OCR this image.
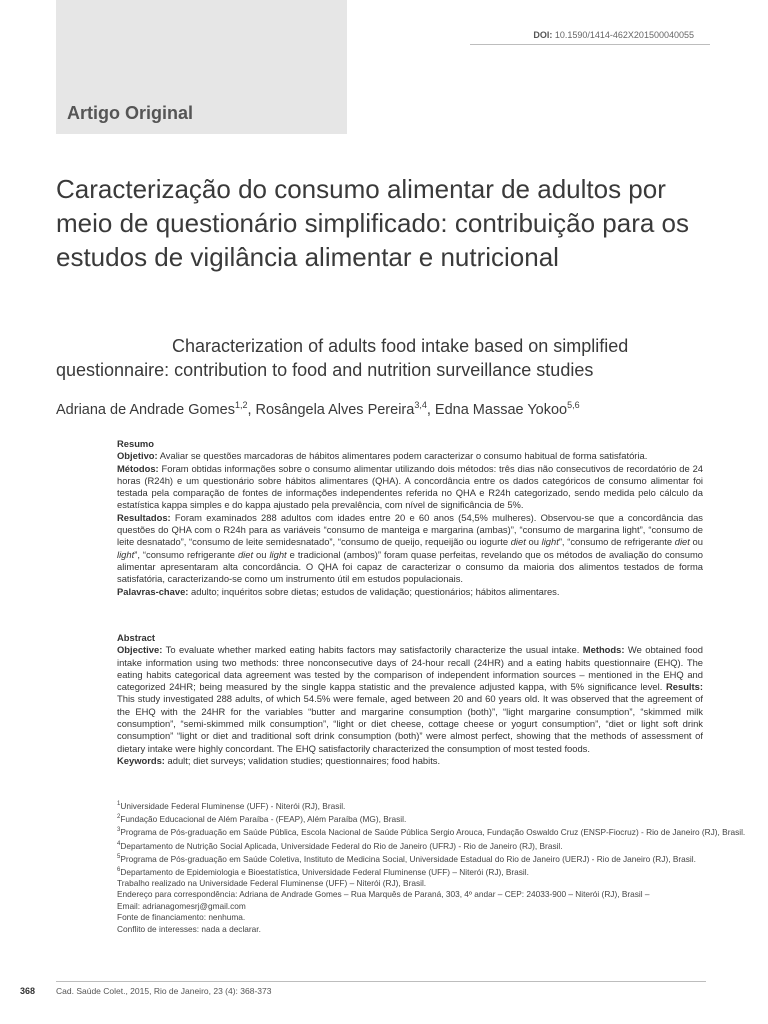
Artigo Original
DOI: 10.1590/1414-462X201500040055
Caracterização do consumo alimentar de adultos por meio de questionário simplificado: contribuição para os estudos de vigilância alimentar e nutricional
Characterization of adults food intake based on simplified questionnaire: contribution to food and nutrition surveillance studies
Adriana de Andrade Gomes$^{1,2}$, Rosângela Alves Pereira$^{3,4}$, Edna Massae Yokoo$^{5,6}$
Resumo
Objetivo: Avaliar se questões marcadoras de hábitos alimentares podem caracterizar o consumo habitual de forma satisfatória.
Métodos: Foram obtidas informações sobre o consumo alimentar utilizando dois métodos: três dias não consecutivos de recordatório de 24 horas (R24h) e um questionário sobre hábitos alimentares (QHA). A concordância entre os dados categóricos de consumo alimentar foi testada pela comparação de fontes de informações independentes referida no QHA e R24h categorizado, sendo medida pelo cálculo da estatística kappa simples e do kappa ajustado pela prevalência, com nível de significância de 5%.
Resultados: Foram examinados 288 adultos com idades entre 20 e 60 anos (54,5% mulheres). Observou-se que a concordância das questões do QHA com o R24h para as variáveis “consumo de manteiga e margarina (ambas)”, “consumo de margarina light”, “consumo de leite desnatado”, “consumo de leite semidesnatado”, “consumo de queijo, requeijão ou iogurte diet ou light”, “consumo de refrigerante diet ou light”, “consumo refrigerante diet ou light e tradicional (ambos)” foram quase perfeitas, revelando que os métodos de avaliação do consumo alimentar apresentaram alta concordância. O QHA foi capaz de caracterizar o consumo da maioria dos alimentos testados de forma satisfatória, caracterizando-se como um instrumento útil em estudos populacionais.
Palavras-chave: adulto; inquéritos sobre dietas; estudos de validação; questionários; hábitos alimentares.
Abstract
Objective: To evaluate whether marked eating habits factors may satisfactorily characterize the usual intake. Methods: We obtained food intake information using two methods: three nonconsecutive days of 24-hour recall (24HR) and a eating habits questionnaire (EHQ). The eating habits categorical data agreement was tested by the comparison of independent information sources – mentioned in the EHQ and categorized 24HR; being measured by the single kappa statistic and the prevalence adjusted kappa, with 5% significance level. Results: This study investigated 288 adults, of which 54.5% were female, aged between 20 and 60 years old. It was observed that the agreement of the EHQ with the 24HR for the variables “butter and margarine consumption (both)”, “light margarine consumption”, “skimmed milk consumption”, “semi-skimmed milk consumption”, “light or diet cheese, cottage cheese or yogurt consumption”, “diet or light soft drink consumption” “light or diet and traditional soft drink consumption (both)” were almost perfect, showing that the methods of assessment of dietary intake were highly concordant. The EHQ satisfactorily characterized the consumption of most tested foods.
Keywords: adult; diet surveys; validation studies; questionnaires; food habits.
$^1$Universidade Federal Fluminense (UFF) - Niterói (RJ), Brasil.
$^2$Fundação Educacional de Além Paraíba - (FEAP), Além Paraíba (MG), Brasil.
$^3$Programa de Pós-graduação em Saúde Pública, Escola Nacional de Saúde Pública Sergio Arouca, Fundação Oswaldo Cruz (ENSP-Fiocruz) - Rio de Janeiro (RJ), Brasil.
$^4$Departamento de Nutrição Social Aplicada, Universidade Federal do Rio de Janeiro (UFRJ) - Rio de Janeiro (RJ), Brasil.
$^5$Programa de Pós-graduação em Saúde Coletiva, Instituto de Medicina Social, Universidade Estadual do Rio de Janeiro (UERJ) - Rio de Janeiro (RJ), Brasil.
$^6$Departamento de Epidemiologia e Bioestatística, Universidade Federal Fluminense (UFF) – Niterói (RJ), Brasil.
Trabalho realizado na Universidade Federal Fluminense (UFF) – Niterói (RJ), Brasil.
Endereço para correspondência: Adriana de Andrade Gomes – Rua Marquês de Paraná, 303, 4º andar – CEP: 24033-900 – Niterói (RJ), Brasil –
Email: adrianagomesrj@gmail.com
Fonte de financiamento: nenhuma.
Conflito de interesses: nada a declarar.
368 Cad. Saúde Colet., 2015, Rio de Janeiro, 23 (4): 368-373
